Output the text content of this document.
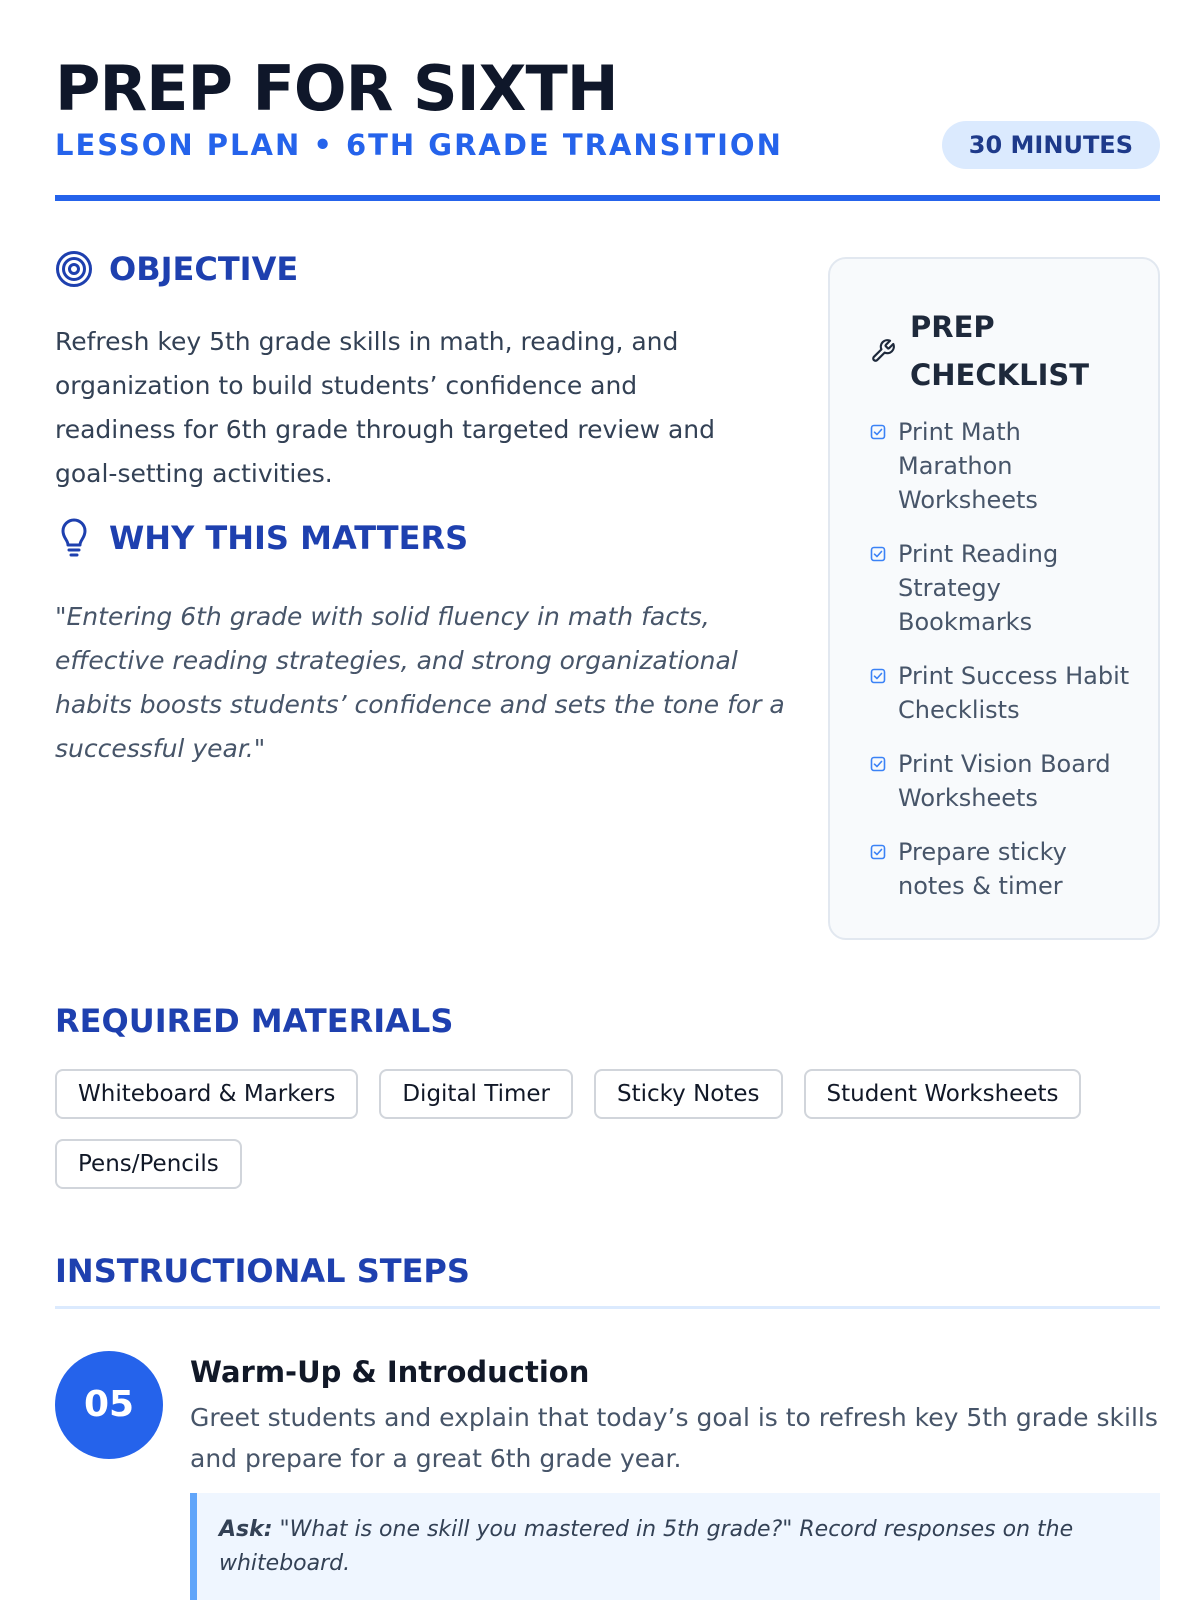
PREP FOR SIXTH
LESSON PLAN • 6TH GRADE TRANSITION	30 MINUTES
OBJECTIVE

Refresh key 5th grade skills in math, reading, and organization to build students’ confidence and readiness for 6th grade through targeted review and goal-setting activities.

WHY THIS MATTERS

"Entering 6th grade with solid fluency in math facts, effective reading strategies, and strong organizational habits boosts students’ confidence and sets the tone for a successful year."

PREP
CHECKLIST
Print Math Marathon Worksheets
Print Reading Strategy Bookmarks
Print Success Habit Checklists
Print Vision Board Worksheets
Prepare sticky notes & timer
REQUIRED MATERIALS
Whiteboard & Markers	Digital Timer	Sticky Notes	Student Worksheets
Pens/Pencils
INSTRUCTIONAL STEPS
05
Warm-Up & Introduction

Greet students and explain that today’s goal is to refresh key 5th grade skills and prepare for a great 6th grade year.

Ask: "What is one skill you mastered in 5th grade?" Record responses on the whiteboard.
